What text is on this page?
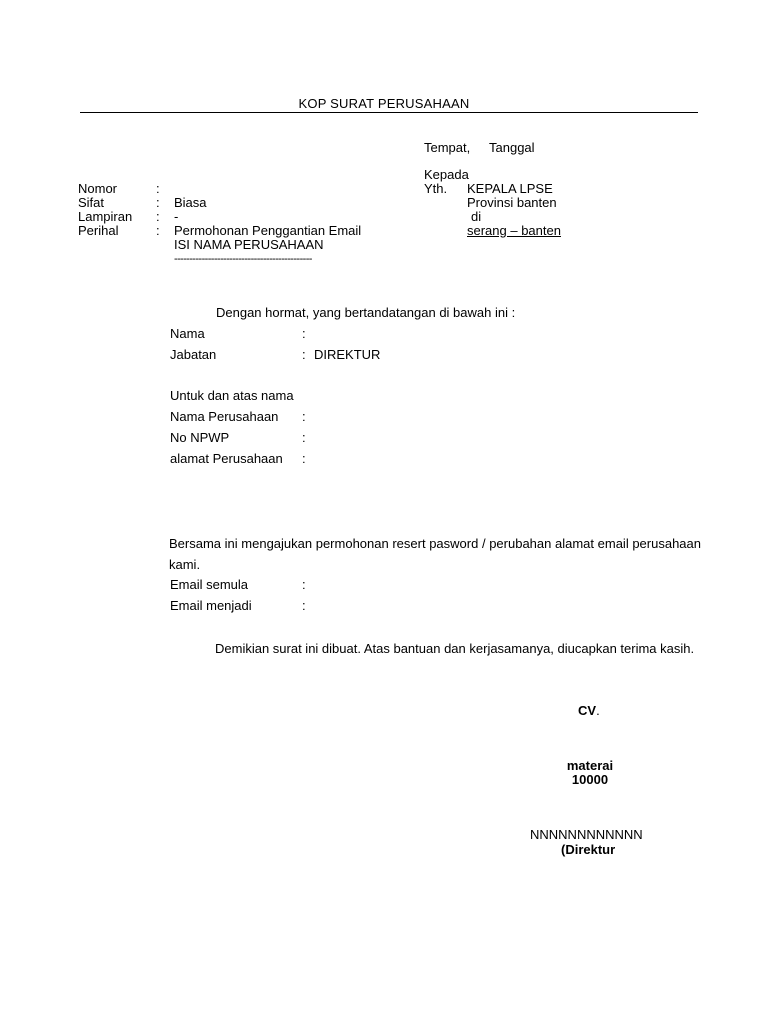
KOP SURAT PERUSAHAAN
Tempat, Tanggal
Kepada
Yth. KEPALA LPSE
Provinsi banten
di
serang – banten
Nomor	:
Sifat	: Biasa
Lampiran : -
Perihal	: Permohonan Penggantian Email
ISI NAMA PERUSAHAAN
---------------------------------------------
Dengan hormat, yang bertandatangan di bawah ini :
Nama	:
Jabatan	: DIREKTUR
Untuk dan atas nama
Nama Perusahaan :
No NPWP	:
alamat Perusahaan :
Bersama ini mengajukan permohonan resert pasword / perubahan alamat email perusahaan kami.
Email semula	:
Email menjadi	:
Demikian surat ini dibuat. Atas bantuan dan kerjasamanya, diucapkan terima kasih.
CV.
materai
10000
NNNNNNNNNNNN
(Direktur
